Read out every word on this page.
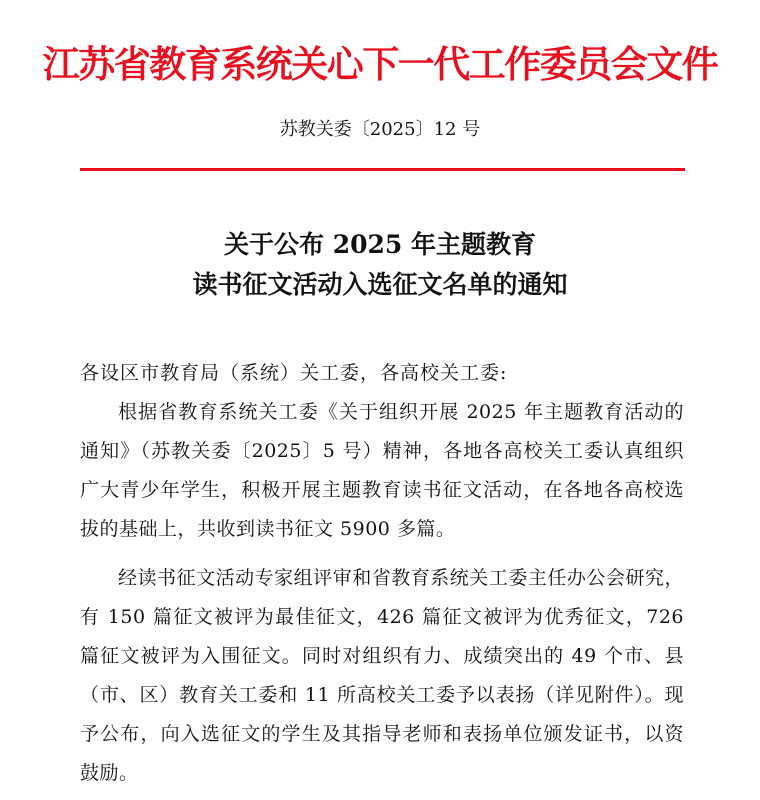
江苏省教育系统关心下一代工作委员会文件
苏教关委〔2025〕12 号
关于公布 2025 年主题教育
读书征文活动入选征文名单的通知

各设区市教育局（系统）关工委，各高校关工委:

根据省教育系统关工委《关于组织开展 2025 年主题教育活动的通知》（苏教关委〔2025〕5 号）精神，各地各高校关工委认真组织广大青少年学生，积极开展主题教育读书征文活动，在各地各高校选拔的基础上，共收到读书征文 5900 多篇。

经读书征文活动专家组评审和省教育系统关工委主任办公会研究，有 150 篇征文被评为最佳征文，426 篇征文被评为优秀征文，726 篇征文被评为入围征文。同时对组织有力、成绩突出的 49 个市、县（市、区）教育关工委和 11 所高校关工委予以表扬（详见附件）。现予公布，向入选征文的学生及其指导老师和表扬单位颁发证书，以资鼓励。
